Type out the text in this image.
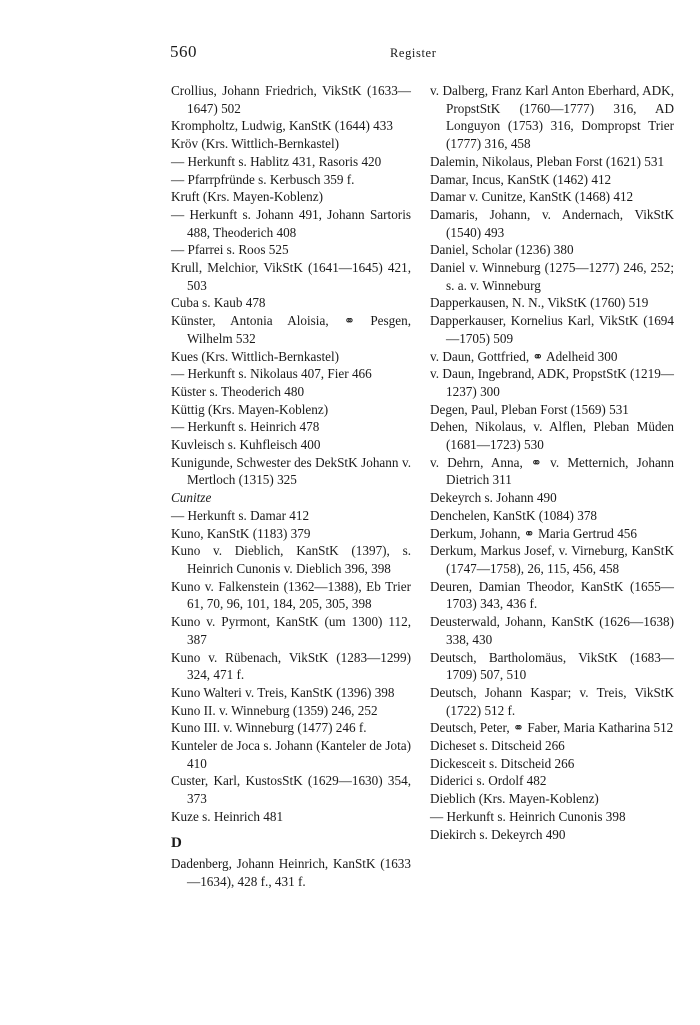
560	Register

Crollius, Johann Friedrich, VikStK (1633—1647) 502

Krompholtz, Ludwig, KanStK (1644) 433

Kröv (Krs. Wittlich-Bernkastel)

— Herkunft s. Hablitz 431, Rasoris 420

— Pfarrpfründe s. Kerbusch 359 f.

Kruft (Krs. Mayen-Koblenz)

— Herkunft s. Johann 491, Johann Sartoris 488, Theoderich 408

— Pfarrei s. Roos 525

Krull, Melchior, VikStK (1641—1645) 421, 503

Cuba s. Kaub 478

Künster, Antonia Aloisia, ⚭ Pesgen, Wilhelm 532

Kues (Krs. Wittlich-Bernkastel)

— Herkunft s. Nikolaus 407, Fier 466

Küster s. Theoderich 480

Küttig (Krs. Mayen-Koblenz)

— Herkunft s. Heinrich 478

Kuvleisch s. Kuhfleisch 400

Kunigunde, Schwester des DekStK Johann v. Mertloch (1315) 325

Cunitze

— Herkunft s. Damar 412

Kuno, KanStK (1183) 379

Kuno v. Dieblich, KanStK (1397), s. Heinrich Cunonis v. Dieblich 396, 398

Kuno v. Falkenstein (1362—1388), Eb Trier 61, 70, 96, 101, 184, 205, 305, 398

Kuno v. Pyrmont, KanStK (um 1300) 112, 387

Kuno v. Rübenach, VikStK (1283—1299) 324, 471 f.

Kuno Walteri v. Treis, KanStK (1396) 398

Kuno II. v. Winneburg (1359) 246, 252

Kuno III. v. Winneburg (1477) 246 f.

Kunteler de Joca s. Johann (Kanteler de Jota) 410

Custer, Karl, KustosStK (1629—1630) 354, 373

Kuze s. Heinrich 481

D

Dadenberg, Johann Heinrich, KanStK (1633—1634), 428 f., 431 f.

v. Dalberg, Franz Karl Anton Eberhard, ADK, PropstStK (1760—1777) 316, AD Longuyon (1753) 316, Dompropst Trier (1777) 316, 458

Dalemin, Nikolaus, Pleban Forst (1621) 531

Damar, Incus, KanStK (1462) 412

Damar v. Cunitze, KanStK (1468) 412

Damaris, Johann, v. Andernach, VikStK (1540) 493

Daniel, Scholar (1236) 380

Daniel v. Winneburg (1275—1277) 246, 252; s. a. v. Winneburg

Dapperkausen, N. N., VikStK (1760) 519

Dapperkauser, Kornelius Karl, VikStK (1694—1705) 509

v. Daun, Gottfried, ⚭ Adelheid 300

v. Daun, Ingebrand, ADK, PropstStK (1219—1237) 300

Degen, Paul, Pleban Forst (1569) 531

Dehen, Nikolaus, v. Alflen, Pleban Müden (1681—1723) 530

v. Dehrn, Anna, ⚭ v. Metternich, Johann Dietrich 311

Dekeyrch s. Johann 490

Denchelen, KanStK (1084) 378

Derkum, Johann, ⚭ Maria Gertrud 456

Derkum, Markus Josef, v. Virneburg, KanStK (1747—1758), 26, 115, 456, 458

Deuren, Damian Theodor, KanStK (1655—1703) 343, 436 f.

Deusterwald, Johann, KanStK (1626—1638) 338, 430

Deutsch, Bartholomäus, VikStK (1683—1709) 507, 510

Deutsch, Johann Kaspar; v. Treis, VikStK (1722) 512 f.

Deutsch, Peter, ⚭ Faber, Maria Katharina 512

Dicheset s. Ditscheid 266

Dickesceit s. Ditscheid 266

Diderici s. Ordolf 482

Dieblich (Krs. Mayen-Koblenz)

— Herkunft s. Heinrich Cunonis 398

Diekirch s. Dekeyrch 490
